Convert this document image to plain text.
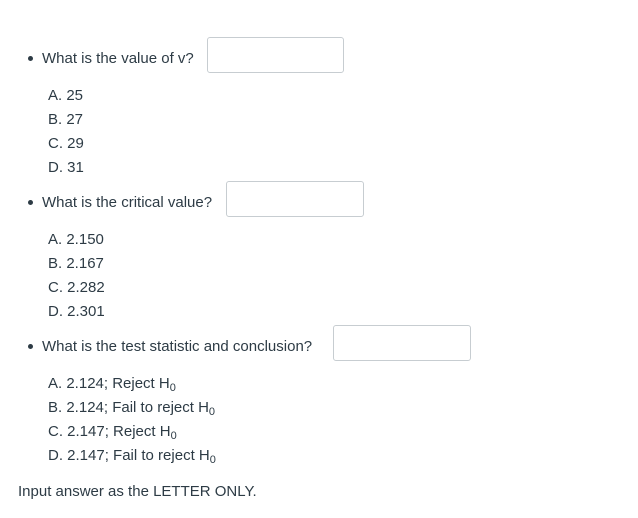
What is the value of v?
A. 25
B. 27
C. 29
D. 31
What is the critical value?
A. 2.150
B. 2.167
C. 2.282
D. 2.301
What is the test statistic and conclusion?
A. 2.124; Reject $H_0$
B. 2.124; Fail to reject $H_0$
C. 2.147; Reject $H_0$
D. 2.147; Fail to reject $H_0$
Input answer as the LETTER ONLY.
